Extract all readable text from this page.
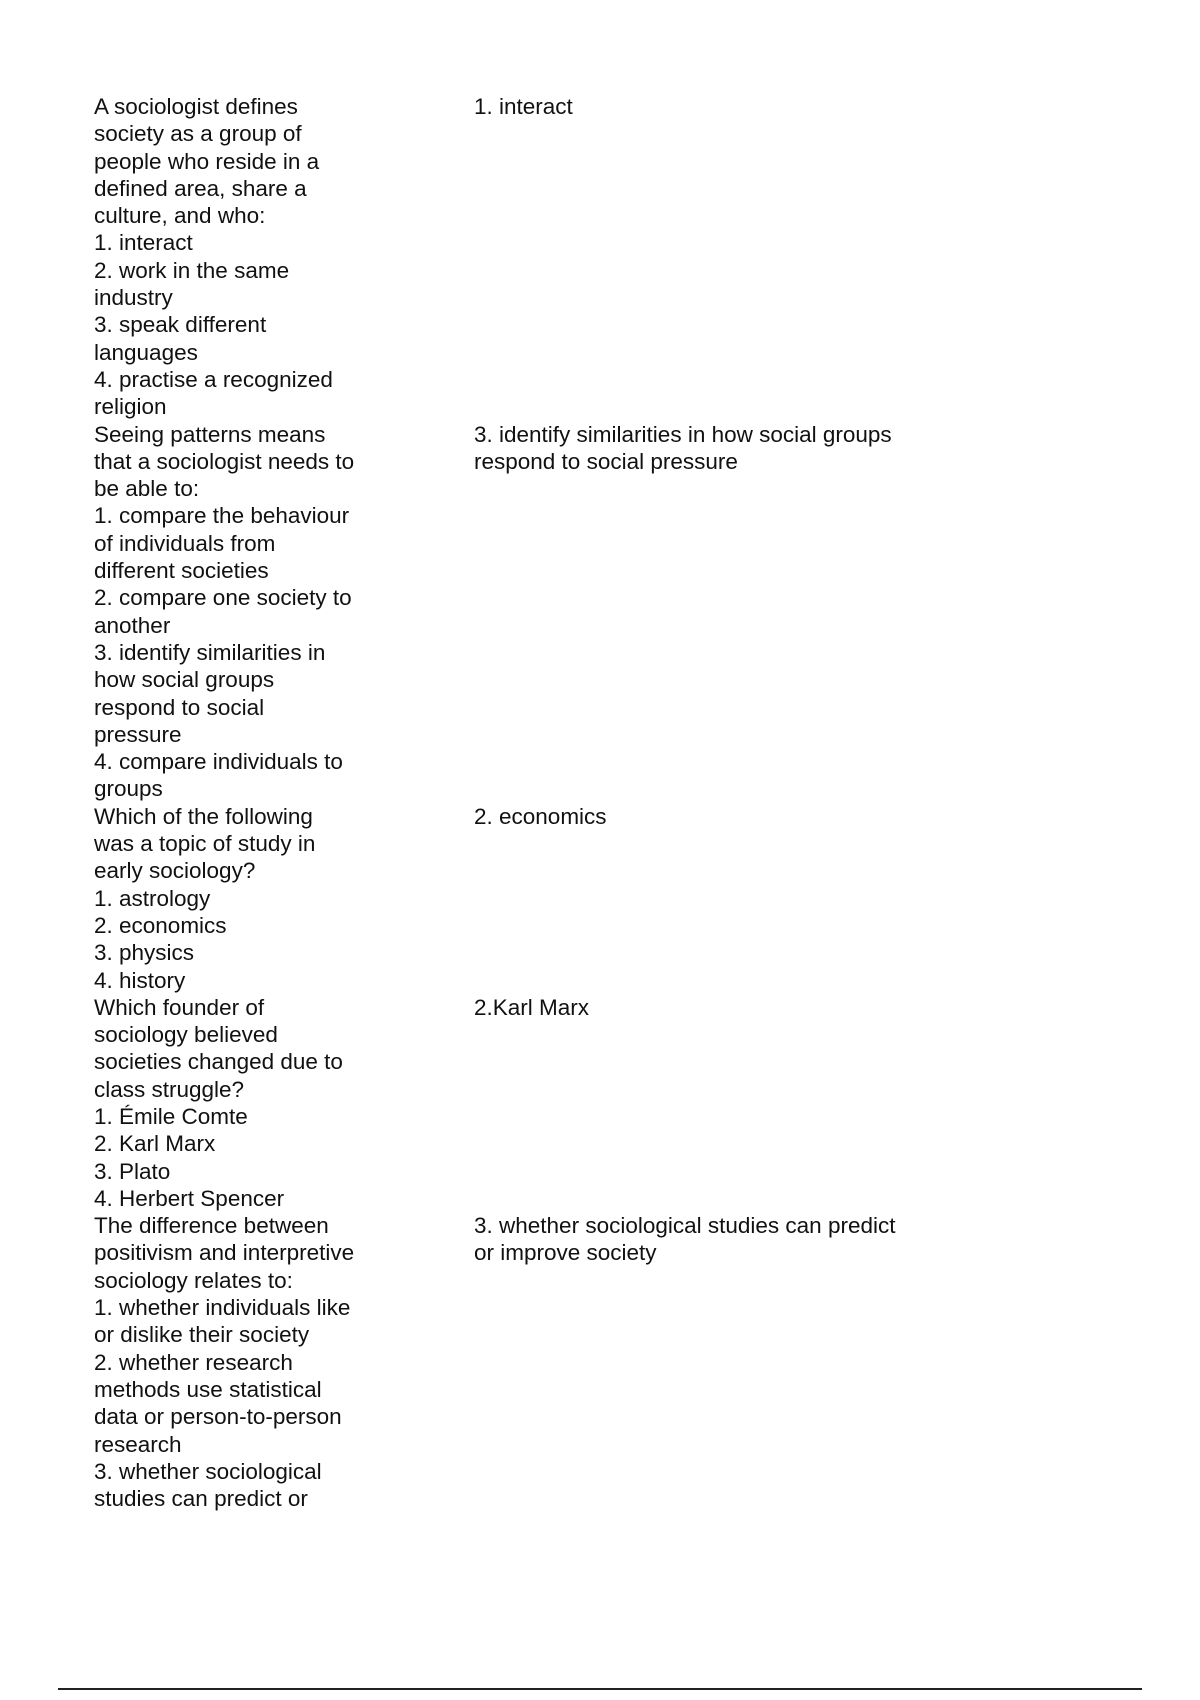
A sociologist defines

society as a group of

people who reside in a

defined area, share a

culture, and who:

1. interact

2. work in the same

industry

3. speak different

languages

4. practise a recognized

religion

1. interact

Seeing patterns means

that a sociologist needs to

be able to:

1. compare the behaviour

of individuals from

different societies

2. compare one society to

another

3. identify similarities in

how social groups

respond to social

pressure

4. compare individuals to

groups

3. identify similarities in how social groups

respond to social pressure

Which of the following

was a topic of study in

early sociology?

1. astrology

2. economics

3. physics

4. history

2. economics

Which founder of

sociology believed

societies changed due to

class struggle?

1. Émile Comte

2. Karl Marx

3. Plato

4. Herbert Spencer

2.Karl Marx

The difference between

positivism and interpretive

sociology relates to:

1. whether individuals like

or dislike their society

2. whether research

methods use statistical

data or person-to-person

research

3. whether sociological

studies can predict or

3. whether sociological studies can predict

or improve society
